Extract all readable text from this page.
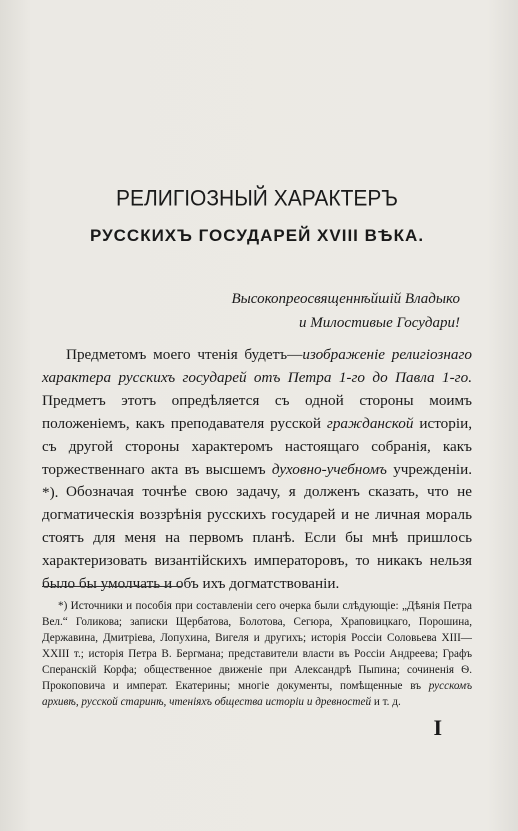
РЕЛИГІОЗНЫЙ ХАРАКТЕРЪ
РУССКИХЪ ГОСУДАРЕЙ XVIII ВѢКА.
Высокопреосвященнѣйшій Владыко
и Милостивые Государи!

Предметомъ моего чтенія будетъ—изображеніе религіознаго характера русскихъ государей отъ Петра 1-го до Павла 1-го. Предметъ этотъ опредѣляется съ одной стороны моимъ положеніемъ, какъ преподавателя русской гражданской исторіи, съ другой стороны характеромъ настоящаго собранія, какъ торжественнаго акта въ высшемъ духовно-учебномъ учрежденіи. *). Обозначая точнѣе свою задачу, я долженъ сказать, что не догматическія воззрѣнія русскихъ государей и не личная мораль стоятъ для меня на первомъ планѣ. Если бы мнѣ пришлось характеризовать византійскихъ императоровъ, то никакъ нельзя было бы умолчать и объ ихъ догматствованіи.

*) Источники и пособія при составленіи сего очерка были слѣдующіе: „Дѣянія Петра Вел.“ Голикова; записки Щербатова, Болотова, Сегюра, Храповицкаго, Порошина, Державина, Дмитріева, Лопухина, Вигеля и другихъ; исторія Россіи Соловьева XIII—XXIII т.; исторія Петра В. Бергмана; представители власти въ Россіи Андреева; Графъ Сперанскій Корфа; общественное движеніе при Александрѣ Пыпина; сочиненія Ѳ. Прокоповича и императ. Екатерины; многіе документы, помѣщенные въ русскомъ архивѣ, русской старинѣ, чтеніяхъ общества исторіи и древностей и т. д.

I
